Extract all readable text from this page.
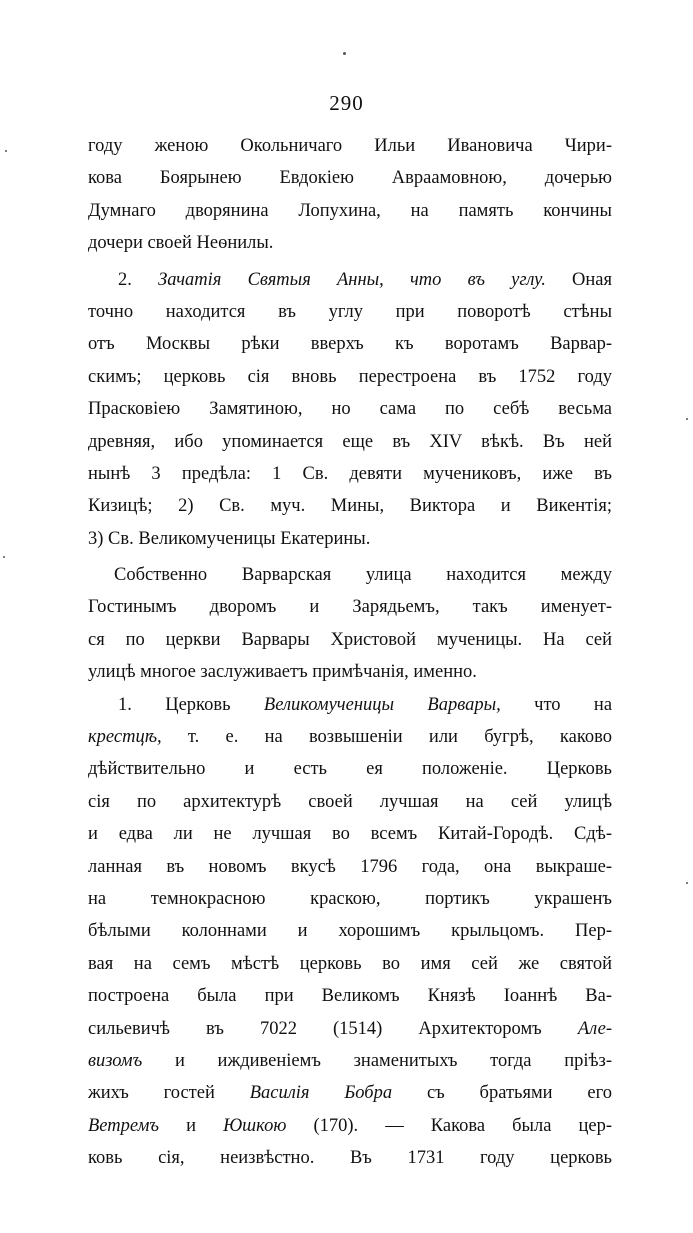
290
году женою Окольничаго Ильи Ивановича Чири-
кова Боярынею Евдокiею Авраамовною, дочерью
Думнаго дворянина Лопухина, на память кончины
дочери своей Неѳнилы.
2. Зачатiя Святыя Анны, что въ углу. Оная
точно находится въ углу при поворотѣ стѣны
отъ Москвы рѣки вверхъ къ воротамъ Варвар-
скимъ; церковь сiя вновь перестроена въ 1752 году
Прасковiею Замятиною, но сама по себѣ весьма
древняя, ибо упоминается еще въ XIV вѣкѣ. Въ ней
нынѣ 3 предѣла: 1 Св. девяти мучениковъ, иже въ
Кизицѣ; 2) Св. муч. Мины, Виктора и Викентiя;
3) Св. Великомученицы Екатерины.
Собственно Варварская улица находится между
Гостинымъ дворомъ и Зарядьемъ, такъ именует-
ся по церкви Варвары Христовой мученицы. На сей
улицѣ многое заслуживаетъ примѣчанiя, именно.
1. Церковь Великомученицы Варвары, что на
крестцѣ, т. е. на возвышенiи или бугрѣ, каково
дѣйствительно и есть ея положенiе. Церковь
сiя по архитектурѣ своей лучшая на сей улицѣ
и едва ли не лучшая во всемъ Китай-Городѣ. Сдѣ-
ланная въ новомъ вкусѣ 1796 года, она выкраше-
на темнокрасною краскою, портикъ украшенъ
бѣлыми колоннами и хорошимъ крыльцомъ. Пер-
вая на семъ мѣстѣ церковь во имя сей же святой
построена была при Великомъ Князѣ Iоаннѣ Ва-
сильевичѣ въ 7022 (1514) Архитекторомъ Але-
визомъ и иждивенiемъ знаменитыхъ тогда прiѣз-
жихъ гостей Василiя Бобра съ братьями его
Ветремъ и Юшкою (170). — Какова была цер-
ковь сiя, неизвѣстно. Въ 1731 году церковь
